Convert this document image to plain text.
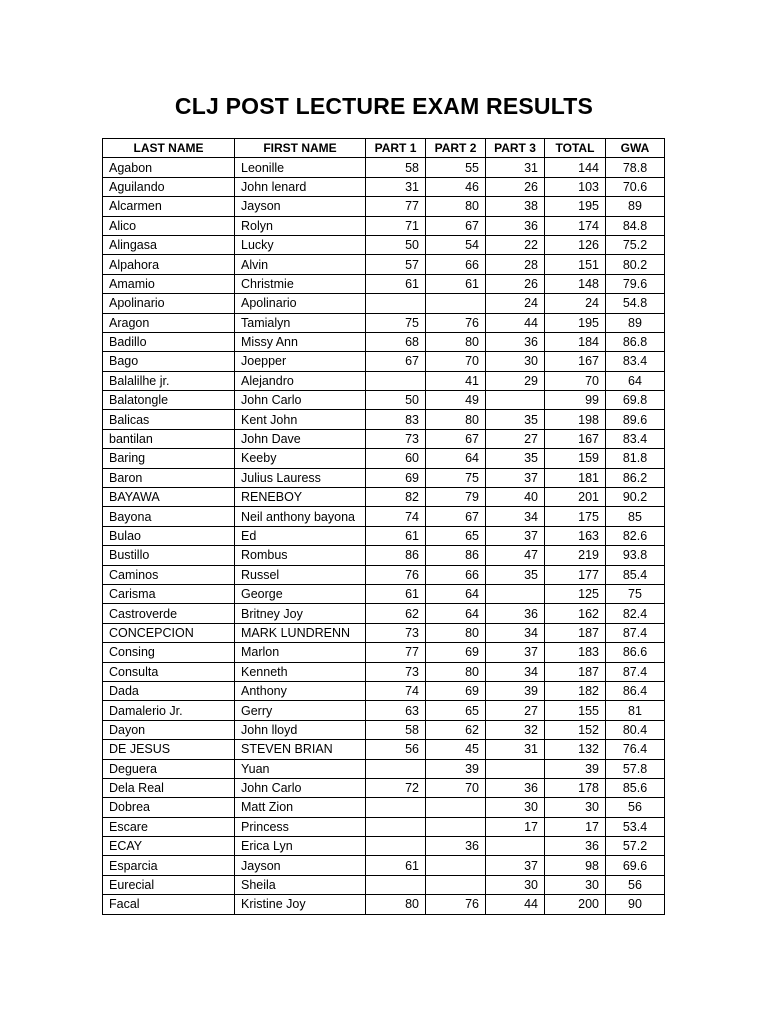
CLJ POST LECTURE EXAM RESULTS
LAST NAME	FIRST NAME	PART 1	PART 2	PART 3	TOTAL	GWA
Agabon	Leonille	58	55	31	144	78.8
Aguilando	John lenard	31	46	26	103	70.6
Alcarmen	Jayson	77	80	38	195	89
Alico	Rolyn	71	67	36	174	84.8
Alingasa	Lucky	50	54	22	126	75.2
Alpahora	Alvin	57	66	28	151	80.2
Amamio	Christmie	61	61	26	148	79.6
Apolinario	Apolinario			24	24	54.8
Aragon	Tamialyn	75	76	44	195	89
Badillo	Missy Ann	68	80	36	184	86.8
Bago	Joepper	67	70	30	167	83.4
Balalilhe jr.	Alejandro		41	29	70	64
Balatongle	John Carlo	50	49		99	69.8
Balicas	Kent John	83	80	35	198	89.6
bantilan	John Dave	73	67	27	167	83.4
Baring	Keeby	60	64	35	159	81.8
Baron	Julius Lauress	69	75	37	181	86.2
BAYAWA	RENEBOY	82	79	40	201	90.2
Bayona	Neil anthony bayona	74	67	34	175	85
Bulao	Ed	61	65	37	163	82.6
Bustillo	Rombus	86	86	47	219	93.8
Caminos	Russel	76	66	35	177	85.4
Carisma	George	61	64		125	75
Castroverde	Britney Joy	62	64	36	162	82.4
CONCEPCION	MARK LUNDRENN	73	80	34	187	87.4
Consing	Marlon	77	69	37	183	86.6
Consulta	Kenneth	73	80	34	187	87.4
Dada	Anthony	74	69	39	182	86.4
Damalerio Jr.	Gerry	63	65	27	155	81
Dayon	John lloyd	58	62	32	152	80.4
DE JESUS	STEVEN BRIAN	56	45	31	132	76.4
Deguera	Yuan		39		39	57.8
Dela Real	John Carlo	72	70	36	178	85.6
Dobrea	Matt Zion			30	30	56
Escare	Princess			17	17	53.4
ECAY	Erica Lyn		36		36	57.2
Esparcia	Jayson	61		37	98	69.6
Eurecial	Sheila			30	30	56
Facal	Kristine Joy	80	76	44	200	90
